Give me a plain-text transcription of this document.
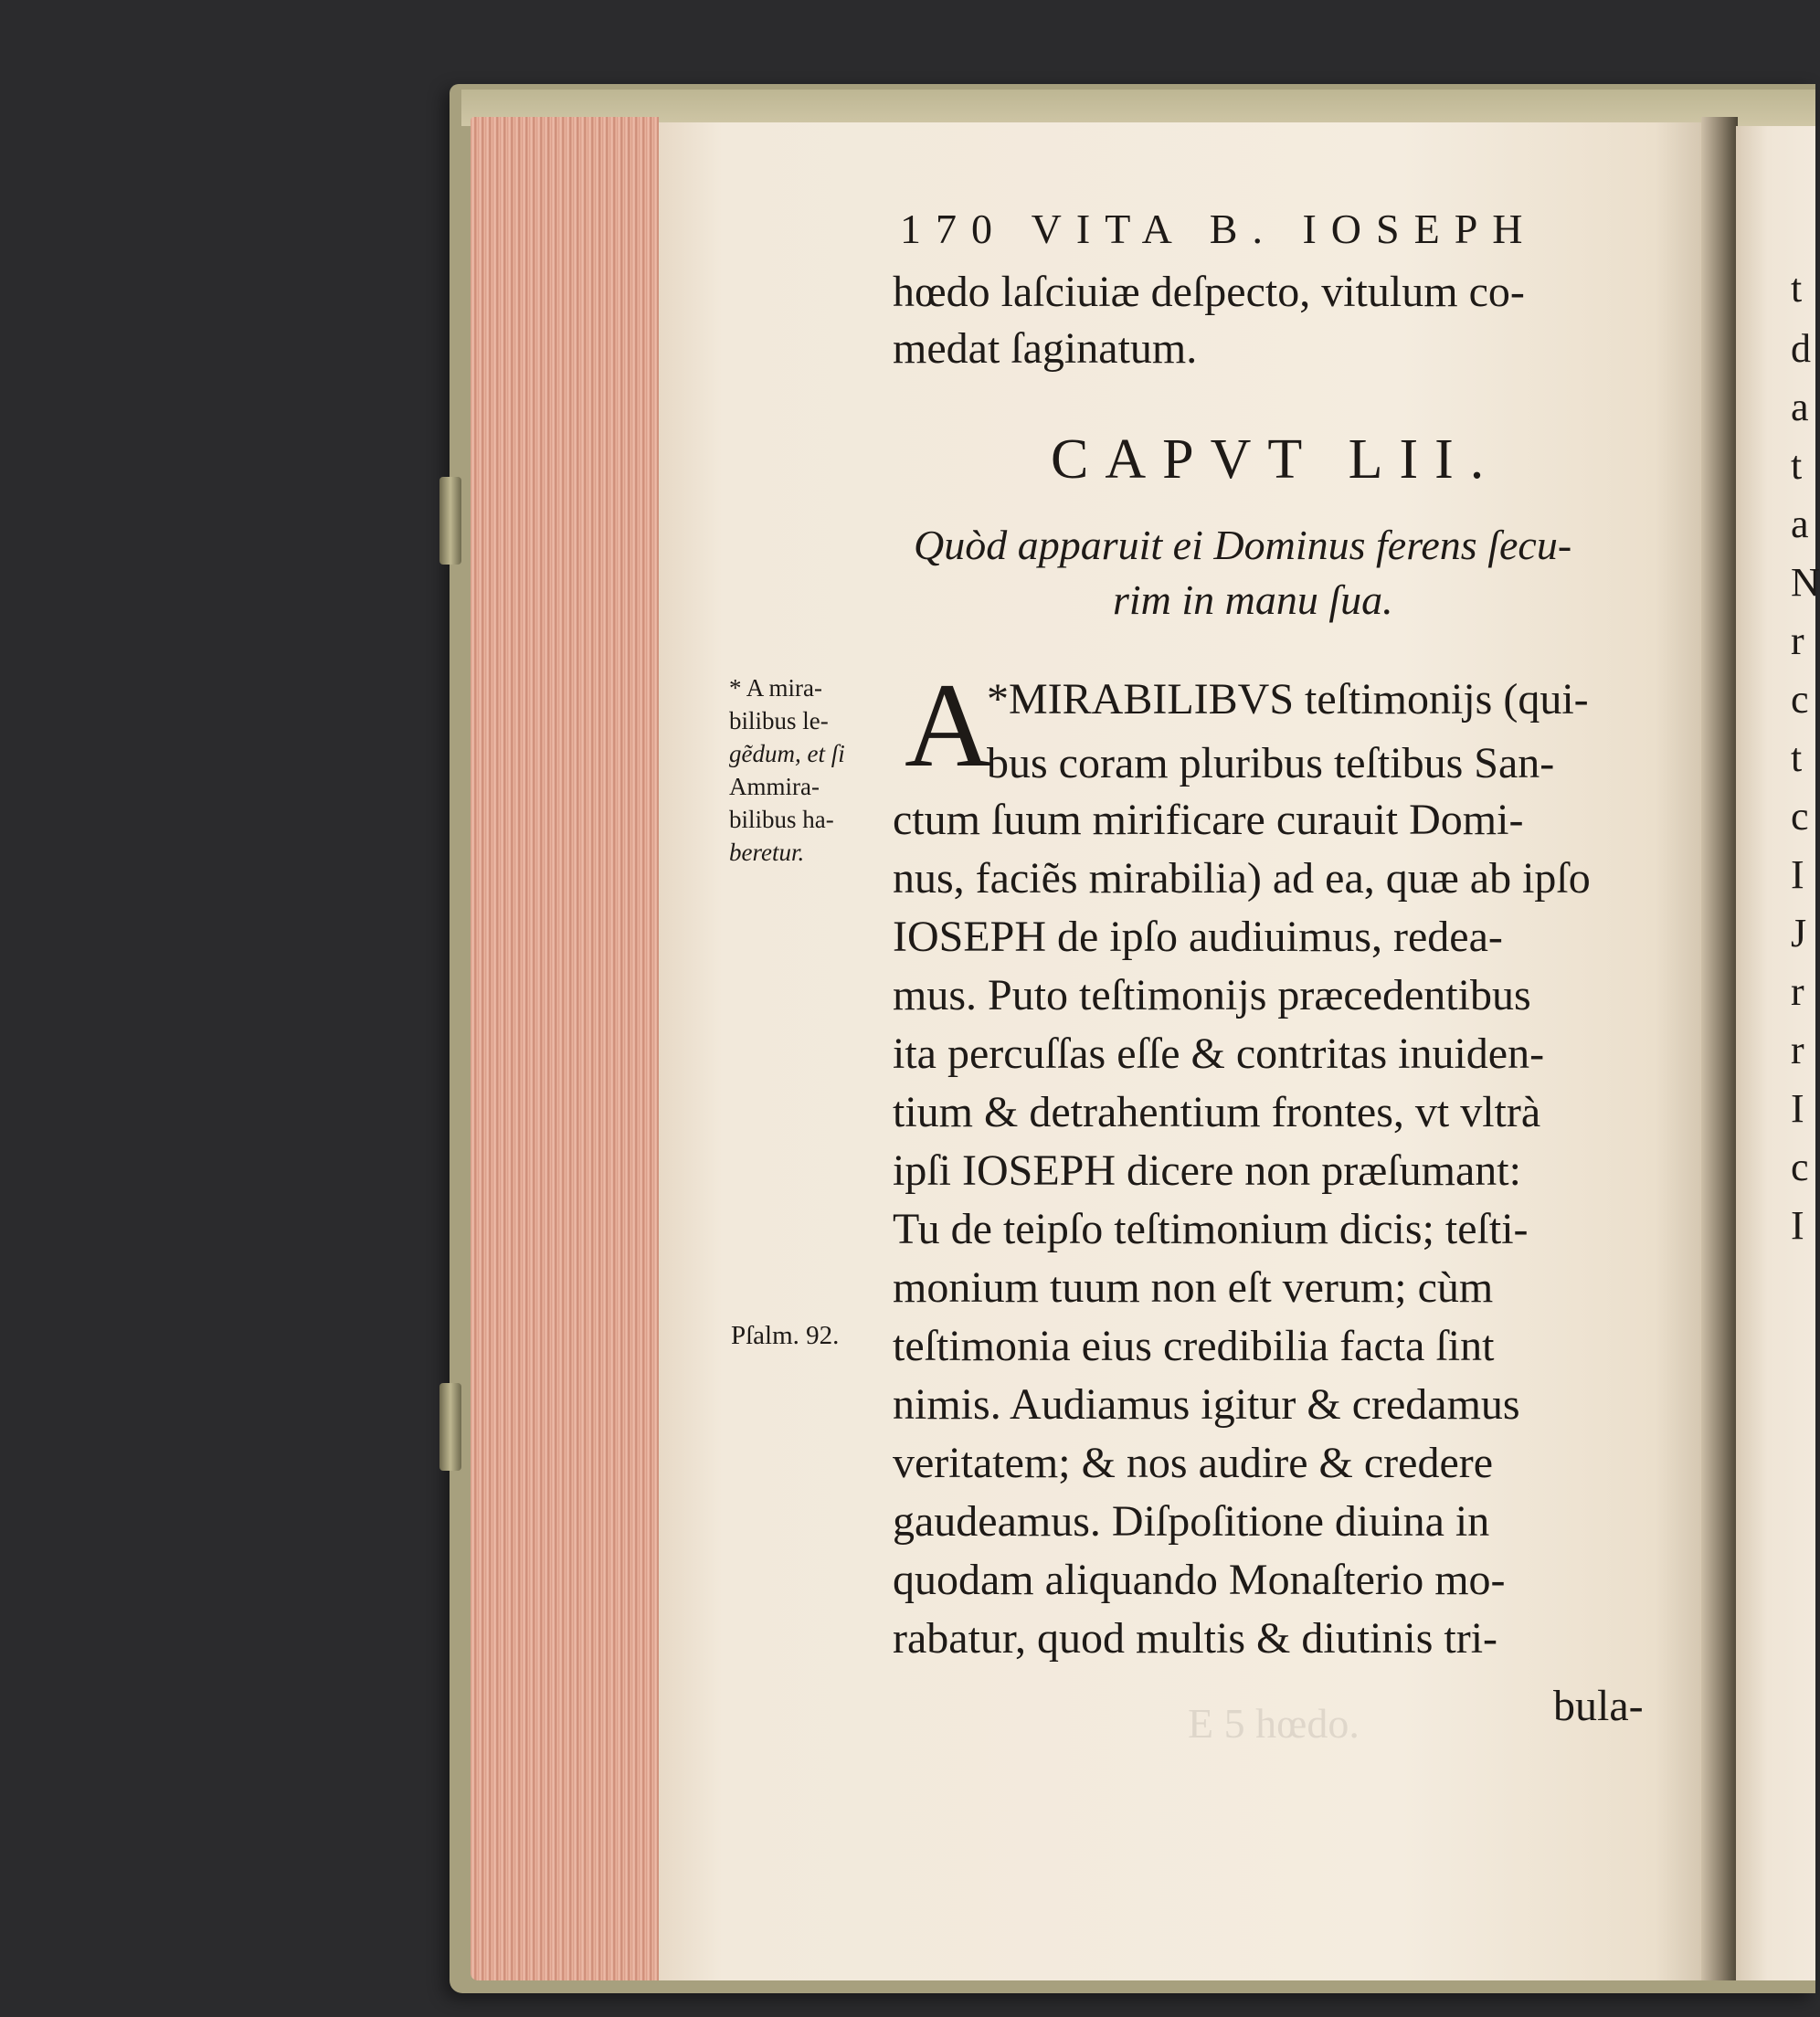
E 5 hœdo.
170 VITA B. IOSEPH
hœdo laſciuiæ deſpecto, vitulum co-
medat ſaginatum.
CAPVT LII.
Quòd apparuit ei Dominus ferens ſecu-
rim in manu ſua.
A
*MIRABILIBVS teſtimonijs (qui-
bus coram pluribus teſtibus San-
ctum ſuum mirificare curauit Domi-
nus, faciẽs mirabilia) ad ea, quæ ab ipſo
IOSEPH de ipſo audiuimus, redea-
mus. Puto teſtimonijs præcedentibus
ita percuſſas eſſe & contritas inuiden-
tium & detrahentium frontes, vt vltrà
ipſi IOSEPH dicere non præſumant:
Tu de teipſo teſtimonium dicis; teſti-
monium tuum non eſt verum; cùm
teſtimonia eius credibilia facta ſint
nimis. Audiamus igitur & credamus
veritatem; & nos audire & credere
gaudeamus. Diſpoſitione diuina in
quodam aliquando Monaſterio mo-
rabatur, quod multis & diutinis tri-
bula-
* A mira-
bilibus le-
gẽdum, et ſi
Ammira-
bilibus ha-
beretur.
Pſalm. 92.
t
d
a
t
a
N
r
c
t
c
I
J
r
r
I
c
I
